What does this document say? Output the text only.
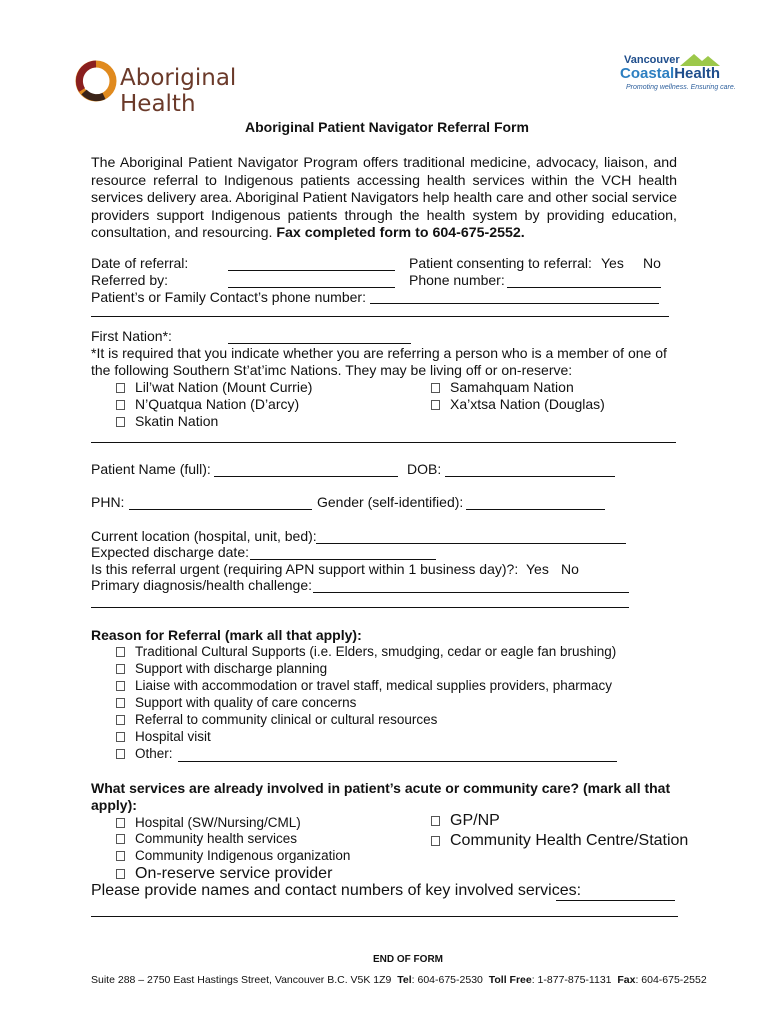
Aboriginal Health
Vancouver
CoastalHealth
Promoting wellness. Ensuring care.
Aboriginal Patient Navigator Referral Form
The Aboriginal Patient Navigator Program offers traditional medicine, advocacy, liaison, and resource referral to Indigenous patients accessing health services within the VCH health services delivery area. Aboriginal Patient Navigators help health care and other social service providers support Indigenous patients through the health system by providing education, consultation, and resourcing. Fax completed form to 604-675-2552.
Date of referral:	Patient consenting to referral: Yes No
Referred by:	Phone number:
Patient’s or Family Contact’s phone number:
First Nation*:
*It is required that you indicate whether you are referring a person who is a member of one of the following Southern St’at’imc Nations. They may be living off or on-reserve:
Lil’wat Nation (Mount Currie)	Samahquam Nation
N’Quatqua Nation (D’arcy)	Xa’xtsa Nation (Douglas)
Skatin Nation
Patient Name (full):	DOB:
PHN:	Gender (self-identified):
Current location (hospital, unit, bed):
Expected discharge date:
Is this referral urgent (requiring APN support within 1 business day)?: Yes No
Primary diagnosis/health challenge:
Reason for Referral (mark all that apply):
Traditional Cultural Supports (i.e. Elders, smudging, cedar or eagle fan brushing)
Support with discharge planning
Liaise with accommodation or travel staff, medical supplies providers, pharmacy
Support with quality of care concerns
Referral to community clinical or cultural resources
Hospital visit
Other:
What services are already involved in patient’s acute or community care? (mark all that apply):
Hospital (SW/Nursing/CML)
Community health services
Community Indigenous organization
GP/NP
Community Health Centre/Station
On-reserve service provider
Please provide names and contact numbers of key involved services:
END OF FORM
Suite 288 – 2750 East Hastings Street, Vancouver B.C. V5K 1Z9 Tel: 604-675-2530 Toll Free: 1-877-875-1131 Fax: 604-675-2552
